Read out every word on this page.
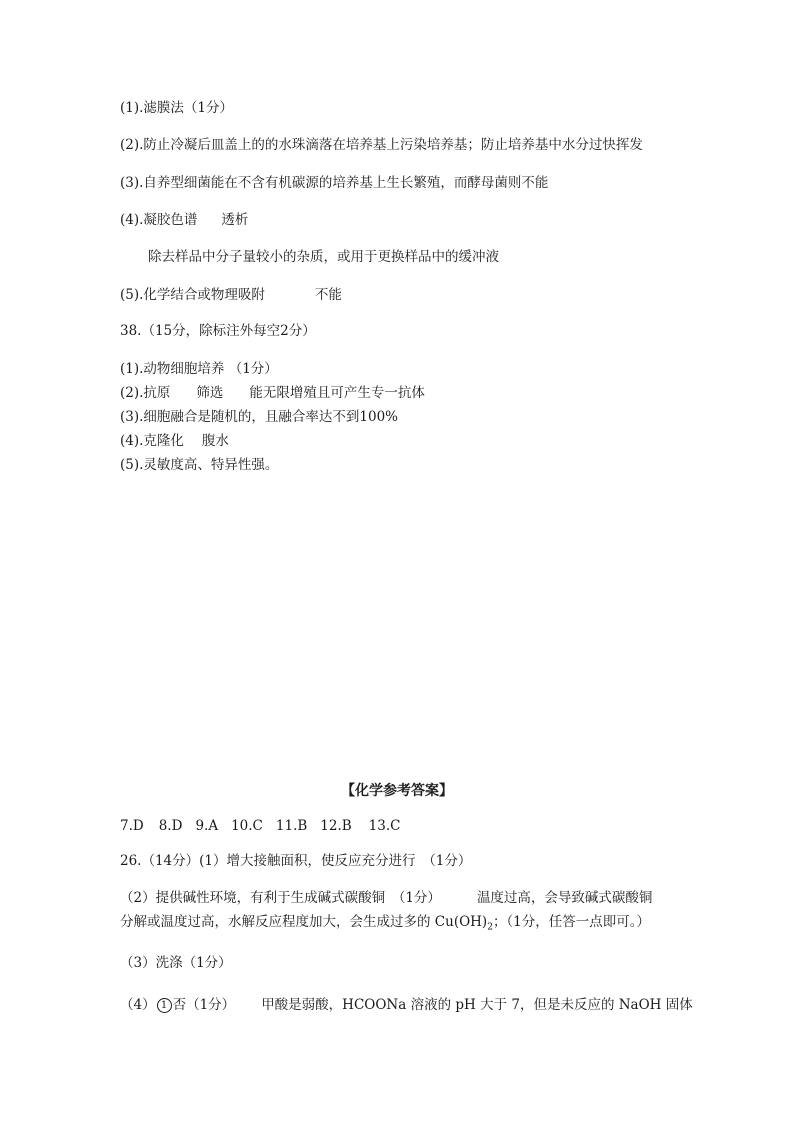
(1).滤膜法（1分）
(2).防止冷凝后皿盖上的的水珠滴落在培养基上污染培养基；防止培养基中水分过快挥发
(3).自养型细菌能在不含有机碳源的培养基上生长繁殖，而酵母菌则不能
(4).凝胶色谱 透析
除去样品中分子量较小的杂质，或用于更换样品中的缓冲液
(5).化学结合或物理吸附	不能
38.（15分，除标注外每空2分）
(1).动物细胞培养 （1分）
(2).抗原 筛选 能无限增殖且可产生专一抗体
(3).细胞融合是随机的，且融合率达不到100%
(4).克隆化 腹水
(5).灵敏度高、特异性强。
【化学参考答案】
7.D 8.D 9.A 10.C 11.B 12.B 13.C
26.（14分）(1）增大接触面积，使反应充分进行　（1分）
（2）提供碱性环境，有利于生成碱式碳酸铜　（1分）	温度过高，会导致碱式碳酸铜
分解或温度过高，水解反应程度加大，会生成过多的 $Cu(OH)_2$；（1分，任答一点即可。）
（3）洗涤（1分）
（4） 1 否（1分） 甲酸是弱酸，HCOONa 溶液的 pH 大于 7，但是未反应的 NaOH 固体
